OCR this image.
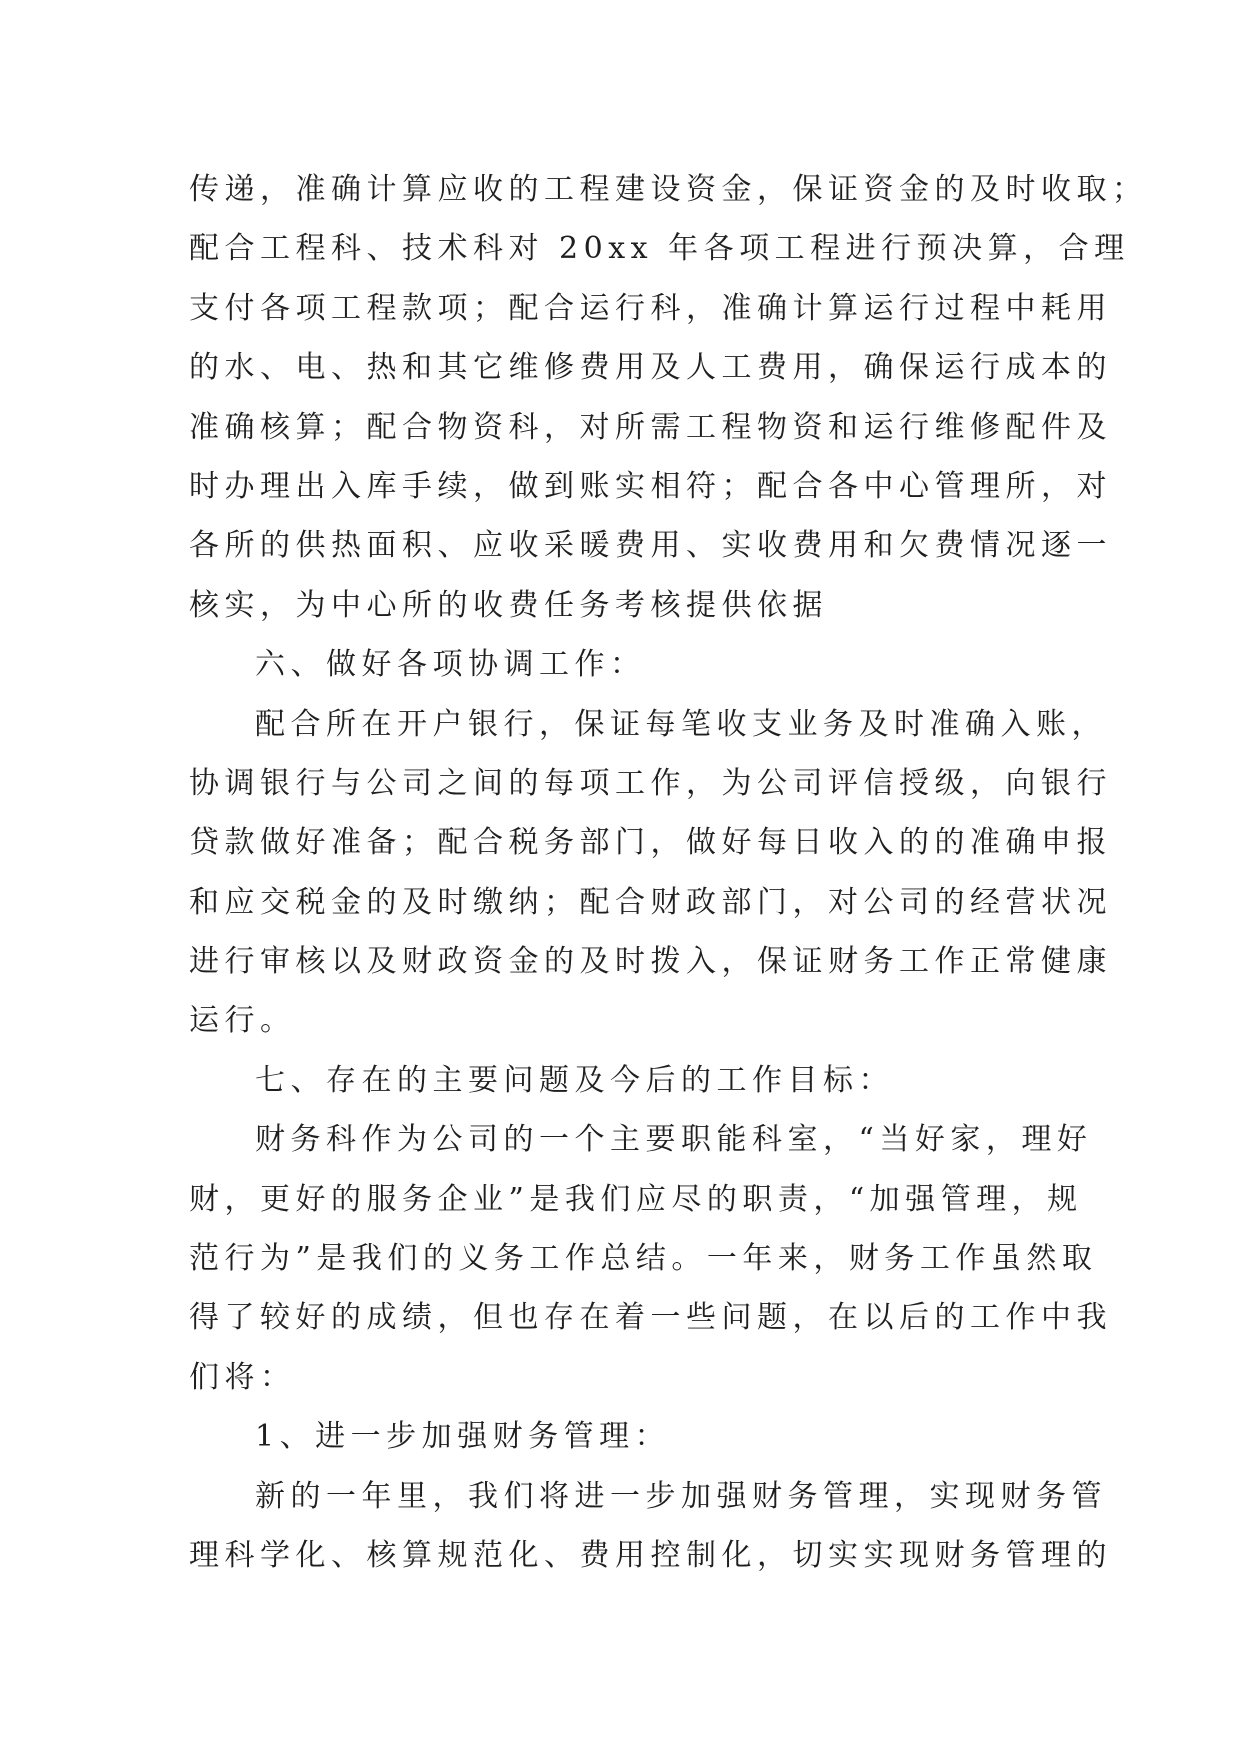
传递，准确计算应收的工程建设资金，保证资金的及时收取；
配合工程科、技术科对 20xx 年各项工程进行预决算，合理
支付各项工程款项；配合运行科，准确计算运行过程中耗用
的水、电、热和其它维修费用及人工费用，确保运行成本的
准确核算；配合物资科，对所需工程物资和运行维修配件及
时办理出入库手续，做到账实相符；配合各中心管理所，对
各所的供热面积、应收采暖费用、实收费用和欠费情况逐一
核实，为中心所的收费任务考核提供依据
六、做好各项协调工作：
配合所在开户银行，保证每笔收支业务及时准确入账，
协调银行与公司之间的每项工作，为公司评信授级，向银行
贷款做好准备；配合税务部门，做好每日收入的的准确申报
和应交税金的及时缴纳；配合财政部门，对公司的经营状况
进行审核以及财政资金的及时拨入，保证财务工作正常健康
运行。
七、存在的主要问题及今后的工作目标：
财务科作为公司的一个主要职能科室，“当好家，理好
财，更好的服务企业”是我们应尽的职责，“加强管理，规
范行为”是我们的义务工作总结。一年来，财务工作虽然取
得了较好的成绩，但也存在着一些问题，在以后的工作中我
们将：
1、进一步加强财务管理：
新的一年里，我们将进一步加强财务管理，实现财务管
理科学化、核算规范化、费用控制化，切实实现财务管理的
